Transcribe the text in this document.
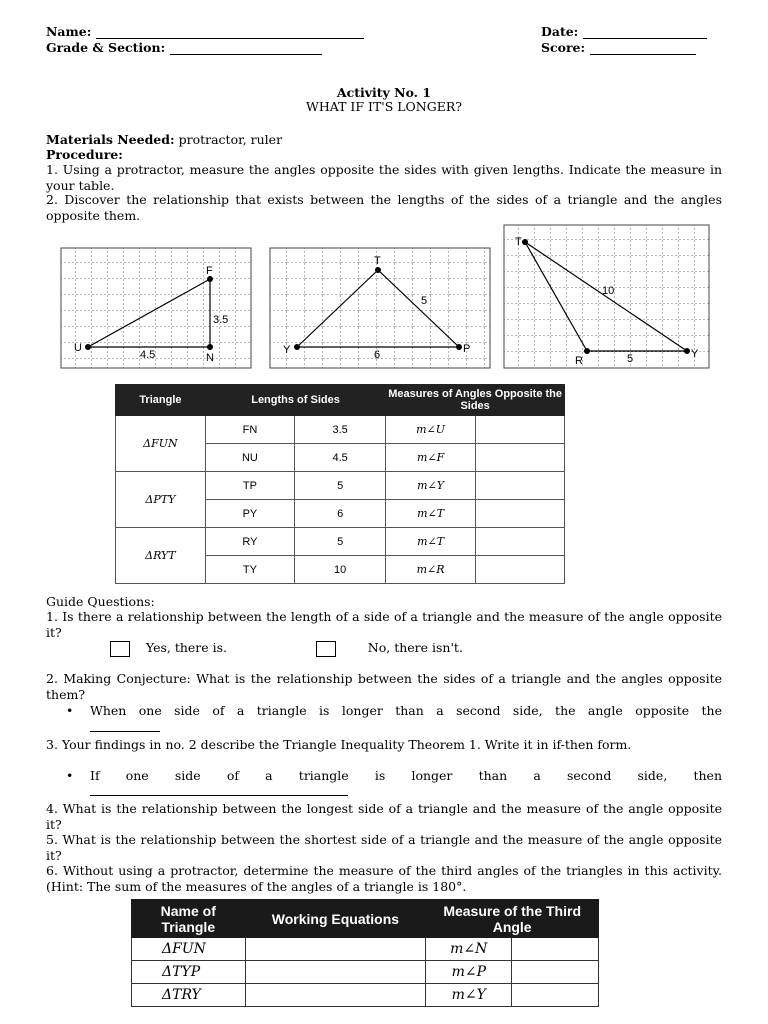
Name:	Date:
Grade & Section:	Score:
Activity No. 1
WHAT IF IT'S LONGER?
Materials Needed: protractor, ruler
Procedure:
1. Using a protractor, measure the angles opposite the sides with given lengths. Indicate the measure in your table.
2. Discover the relationship that exists between the lengths of the sides of a triangle and the angles opposite them.
F
U
N
3.5
4.5
T
Y	P
5
6
T
R
Y
10
5
Triangle	Lengths of Sides		Measures of Angles Opposite the Sides	
ΔFUN	FN	3.5	m∠U	
	NU	4.5	m∠F	
ΔPTY	TP	5	m∠Y	
	PY	6	m∠T	
ΔRYT	RY	5	m∠T	
	TY	10	m∠R	
Guide Questions:
1. Is there a relationship between the length of a side of a triangle and the measure of the angle opposite it?
Yes, there is.	No, there isn't.
2. Making Conjecture: What is the relationship between the sides of a triangle and the angles opposite them?
• When one side of a triangle is longer than a second side, the angle opposite the
3. Your findings in no. 2 describe the Triangle Inequality Theorem 1. Write it in if-then form.
• If one side of a triangle is longer than a second side, then
4. What is the relationship between the longest side of a triangle and the measure of the angle opposite it?
5. What is the relationship between the shortest side of a triangle and the measure of the angle opposite it?
6. Without using a protractor, determine the measure of the third angles of the triangles in this activity.(Hint: The sum of the measures of the angles of a triangle is 180°.
Name of Triangle	Working Equations	Measure of the Third Angle	
ΔFUN		m∠N	
ΔTYP		m∠P	
ΔTRY		m∠Y	
